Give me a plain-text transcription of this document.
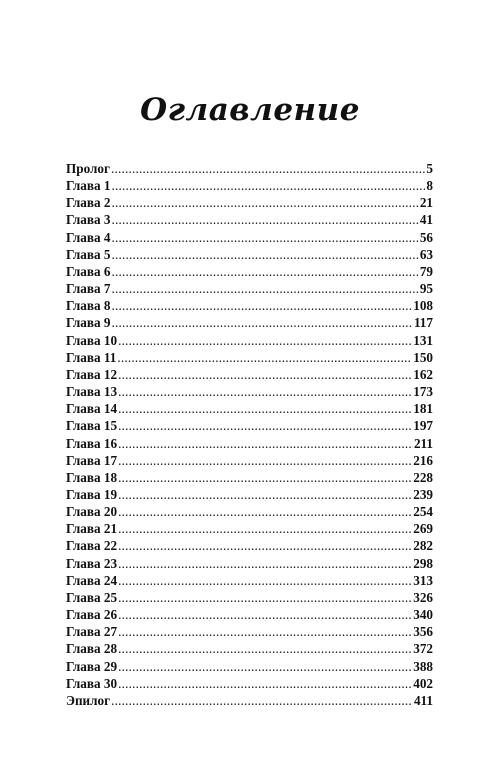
Оглавление
Пролог .....	5
Глава 1 .....	8
Глава 2 .....	21
Глава 3 .....	41
Глава 4 .....	56
Глава 5 .....	63
Глава 6 .....	79
Глава 7 .....	95
Глава 8 .....	108
Глава 9 .....	117
Глава 10 .....	131
Глава 11 .....	150
Глава 12 .....	162
Глава 13 .....	173
Глава 14 .....	181
Глава 15 .....	197
Глава 16 .....	211
Глава 17 .....	216
Глава 18 .....	228
Глава 19 .....	239
Глава 20 .....	254
Глава 21 .....	269
Глава 22 .....	282
Глава 23 .....	298
Глава 24 .....	313
Глава 25 .....	326
Глава 26 .....	340
Глава 27 .....	356
Глава 28 .....	372
Глава 29 .....	388
Глава 30 .....	402
Эпилог .....	411
